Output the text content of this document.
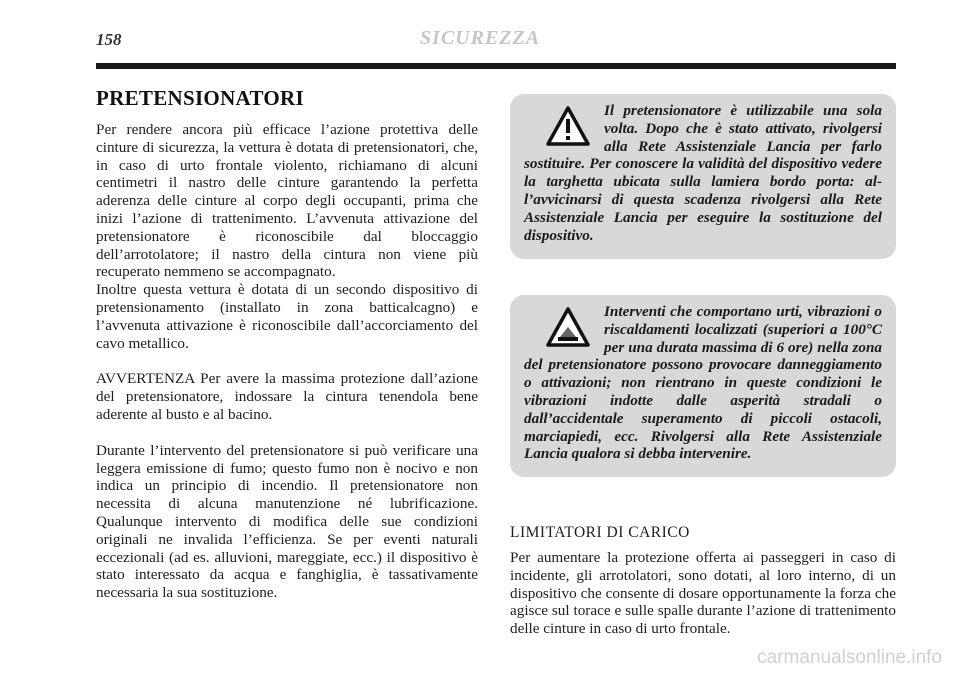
158	SICUREZZA
PRETENSIONATORI

Per rendere ancora più efficace l’azione protettiva delle cinture di sicurezza, la vettura è dotata di pretensionatori, che, in caso di urto frontale violento, richiamano di alcuni centimetri il nastro delle cinture garantendo la perfetta aderenza delle cinture al corpo degli occupanti, prima che inizi l’azione di trattenimento. L’avvenuta attivazione del pretensionatore è riconoscibile dal bloccaggio dell’arrotolatore; il nastro della cintura non viene più recuperato nemmeno se accompagnato.

Inoltre questa vettura è dotata di un secondo dispositivo di pretensionamento (installato in zona batticalcagno) e l’avvenuta attivazione è riconoscibile dall’accorciamento del cavo metallico.

AVVERTENZA Per avere la massima protezione dall’azione del pretensionatore, indossare la cintura tenendola bene aderente al busto e al bacino.

Durante l’intervento del pretensionatore si può verificare una leggera emissione di fumo; questo fumo non è nocivo e non indica un principio di incendio. Il pretensionatore non necessita di alcuna manutenzione né lubrificazione. Qualunque intervento di modifica delle sue condizioni originali ne invalida l’efficienza. Se per eventi naturali eccezionali (ad es. alluvioni, mareggiate, ecc.) il dispositivo è stato interessato da acqua e fanghiglia, è tassativamente necessaria la sua sostituzione.

Il pretensionatore è utilizzabile una sola volta. Dopo che è stato attivato, rivolgersi alla Rete Assistenziale Lancia per farlo sostituire. Per conoscere la validità del dispositivo vedere la targhetta ubicata sulla lamiera bordo porta: all’avvicinarsi di questa scadenza rivolgersi alla Rete Assistenziale Lancia per eseguire la sostituzione del dispositivo.

Interventi che comportano urti, vibrazioni o riscaldamenti localizzati (superiori a 100°C per una durata massima di 6 ore) nella zona del pretensionatore possono provocare danneggiamento o attivazioni; non rientrano in queste condizioni le vibrazioni indotte dalle asperità stradali o dall’accidentale superamento di piccoli ostacoli, marciapiedi, ecc. Rivolgersi alla Rete Assistenziale Lancia qualora si debba intervenire.

LIMITATORI DI CARICO

Per aumentare la protezione offerta ai passeggeri in caso di incidente, gli arrotolatori, sono dotati, al loro interno, di un dispositivo che consente di dosare opportunamente la forza che agisce sul torace e sulle spalle durante l’azione di trattenimento delle cinture in caso di urto frontale.

carmanualsonline.info
